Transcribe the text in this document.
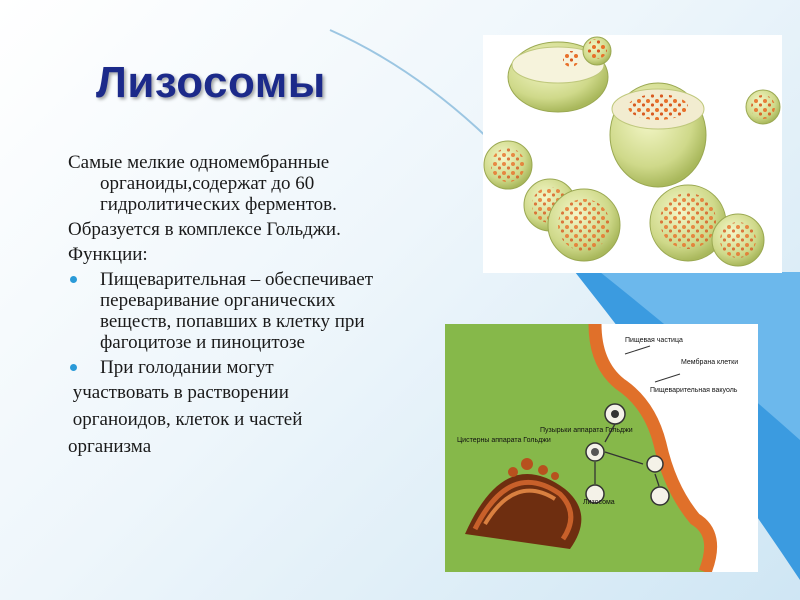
Лизосомы

Самые мелкие одномембранные органоиды,содержат до 60 гидролитических ферментов.

Образуется в комплексе Гольджи.

Функции:

Пищеварительная – обеспечивает переваривание органических веществ, попавших в клетку при фагоцитозе и пиноцитозе
При голодании могут

участвовать в растворении

органоидов, клеток и частей

организма

Пищевая частица
Мембрана клетки
Пищеварительная вакуоль
Пузырьки аппарата Гольджи
Цистерны аппарата Гольджи
Лизосома
